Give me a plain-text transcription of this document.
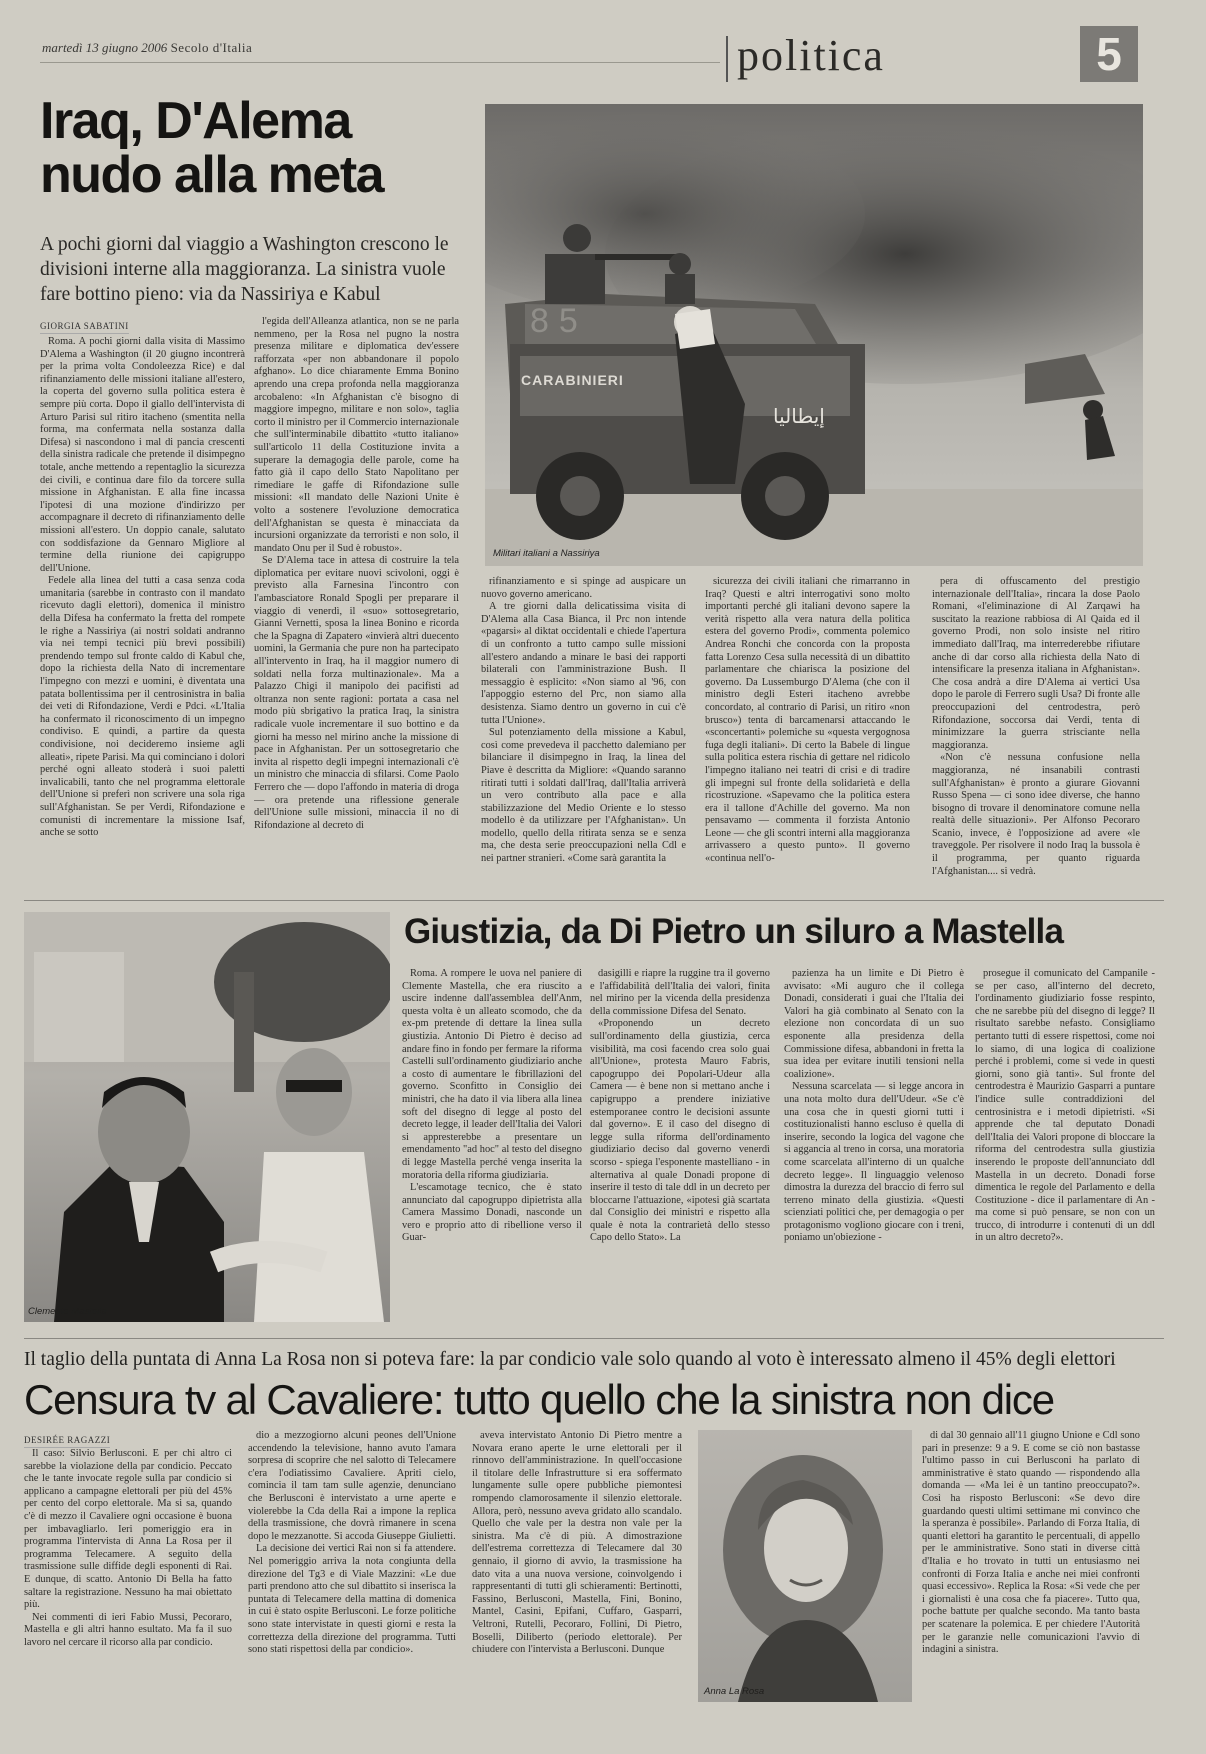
martedì 13 giugno 2006 Secolo d'Italia	politica	5
Iraq, D'Alema
nudo alla meta
A pochi giorni dal viaggio a Washington crescono le divisioni interne alla maggioranza. La sinistra vuole fare bottino pieno: via da Nassiriya e Kabul
85
CARABINIERI
إيطاليا
Militari italiani a Nassiriya
GIORGIA SABATINI

Roma. A pochi giorni dalla visita di Massimo D'Alema a Washington (il 20 giugno incontrerà per la prima volta Condoleezza Rice) e dal rifinanziamento delle missioni italiane all'estero, la coperta del governo sulla politica estera è sempre più corta. Dopo il giallo dell'intervista di Arturo Parisi sul ritiro itacheno (smentita nella forma, ma confermata nella sostanza dalla Difesa) si nascondono i mal di pancia crescenti della sinistra radicale che pretende il disimpegno totale, anche mettendo a repentaglio la sicurezza dei civili, e continua dare filo da torcere sulla missione in Afghanistan. E alla fine incassa l'ipotesi di una mozione d'indirizzo per accompagnare il decreto di rifinanziamento delle missioni all'estero. Un doppio canale, salutato con soddisfazione da Gennaro Migliore al termine della riunione dei capigruppo dell'Unione.

Fedele alla linea del tutti a casa senza coda umanitaria (sarebbe in contrasto con il mandato ricevuto dagli elettori), domenica il ministro della Difesa ha confermato la fretta del rompete le righe a Nassiriya (ai nostri soldati andranno via nei tempi tecnici più brevi possibili) prendendo tempo sul fronte caldo di Kabul che, dopo la richiesta della Nato di incrementare l'impegno con mezzi e uomini, è diventata una patata bollentissima per il centrosinistra in balìa dei veti di Rifondazione, Verdi e Pdci. «L'Italia ha confermato il riconoscimento di un impegno condiviso. E quindi, a partire da questa condivisione, noi decideremo insieme agli alleati», ripete Parisi. Ma qui cominciano i dolori perché ogni alleato stoderà i suoi paletti invalicabili, tanto che nel programma elettorale dell'Unione si preferì non scrivere una sola riga sull'Afghanistan. Se per Verdi, Rifondazione e comunisti di incrementare la missione Isaf, anche se sotto

l'egida dell'Alleanza atlantica, non se ne parla nemmeno, per la Rosa nel pugno la nostra presenza militare e diplomatica dev'essere rafforzata «per non abbandonare il popolo afghano». Lo dice chiaramente Emma Bonino aprendo una crepa profonda nella maggioranza arcobaleno: «In Afghanistan c'è bisogno di maggiore impegno, militare e non solo», taglia corto il ministro per il Commercio internazionale che sull'interminabile dibattito «tutto italiano» sull'articolo 11 della Costituzione invita a superare la demagogia delle parole, come ha fatto già il capo dello Stato Napolitano per rimediare le gaffe di Rifondazione sulle missioni: «Il mandato delle Nazioni Unite è volto a sostenere l'evoluzione democratica dell'Afghanistan se questa è minacciata da incursioni organizzate da terroristi e non solo, il mandato Onu per il Sud è robusto».

Se D'Alema tace in attesa di costruire la tela diplomatica per evitare nuovi scivoloni, oggi è previsto alla Farnesina l'incontro con l'ambasciatore Ronald Spogli per preparare il viaggio di venerdì, il «suo» sottosegretario, Gianni Vernetti, sposa la linea Bonino e ricorda che la Spagna di Zapatero «invierà altri duecento uomini, la Germania che pure non ha partecipato all'intervento in Iraq, ha il maggior numero di soldati nella forza multinazionale». Ma a Palazzo Chigi il manipolo dei pacifisti ad oltranza non sente ragioni: portata a casa nel modo più sbrigativo la pratica Iraq, la sinistra radicale vuole incrementare il suo bottino e da giorni ha messo nel mirino anche la missione di pace in Afghanistan. Per un sottosegretario che invita al rispetto degli impegni internazionali c'è un ministro che minaccia di sfilarsi. Come Paolo Ferrero che — dopo l'affondo in materia di droga — ora pretende una riflessione generale dell'Unione sulle missioni, minaccia il no di Rifondazione al decreto di

rifinanziamento e si spinge ad auspicare un nuovo governo americano.

A tre giorni dalla delicatissima visita di D'Alema alla Casa Bianca, il Prc non intende «pagarsi» al diktat occidentali e chiede l'apertura di un confronto a tutto campo sulle missioni all'estero andando a minare le basi dei rapporti bilaterali con l'amministrazione Bush. Il messaggio è esplicito: «Non siamo al '96, con l'appoggio esterno del Prc, non siamo alla desistenza. Siamo dentro un governo in cui c'è tutta l'Unione».

Sul potenziamento della missione a Kabul, così come prevedeva il pacchetto dalemiano per bilanciare il disimpegno in Iraq, la linea del Piave è descritta da Migliore: «Quando saranno ritirati tutti i soldati dall'Iraq, dall'Italia arriverà un vero contributo alla pace e alla stabilizzazione del Medio Oriente e lo stesso modello è da utilizzare per l'Afghanistan». Un modello, quello della ritirata senza se e senza ma, che desta serie preoccupazioni nella Cdl e nei partner stranieri. «Come sarà garantita la

sicurezza dei civili italiani che rimarranno in Iraq? Questi e altri interrogativi sono molto importanti perché gli italiani devono sapere la verità rispetto alla vera natura della politica estera del governo Prodi», commenta polemico Andrea Ronchi che concorda con la proposta fatta Lorenzo Cesa sulla necessità di un dibattito parlamentare che chiarisca la posizione del governo. Da Lussemburgo D'Alema (che con il ministro degli Esteri itacheno avrebbe concordato, al contrario di Parisi, un ritiro «non brusco») tenta di barcamenarsi attaccando le «sconcertanti» polemiche su «questa vergognosa fuga degli italiani». Di certo la Babele di lingue sulla politica estera rischia di gettare nel ridicolo l'impegno italiano nei teatri di crisi e di tradire gli impegni sul fronte della solidarietà e della ricostruzione. «Sapevamo che la politica estera era il tallone d'Achille del governo. Ma non pensavamo — commenta il forzista Antonio Leone — che gli scontri interni alla maggioranza arrivassero a questo punto». Il governo «continua nell'o-

pera di offuscamento del prestigio internazionale dell'Italia», rincara la dose Paolo Romani, «l'eliminazione di Al Zarqawi ha suscitato la reazione rabbiosa di Al Qaida ed il governo Prodi, non solo insiste nel ritiro immediato dall'Iraq, ma interrederebbe rifiutare anche di dar corso alla richiesta della Nato di intensificare la presenza italiana in Afghanistan». Che cosa andrà a dire D'Alema ai vertici Usa dopo le parole di Ferrero sugli Usa? Di fronte alle preoccupazioni del centrodestra, però Rifondazione, soccorsa dai Verdi, tenta di minimizzare la guerra strisciante nella maggioranza.

«Non c'è nessuna confusione nella maggioranza, né insanabili contrasti sull'Afghanistan» è pronto a giurare Giovanni Russo Spena — ci sono idee diverse, che hanno bisogno di trovare il denominatore comune nella realtà delle situazioni». Per Alfonso Pecoraro Scanio, invece, è l'opposizione ad avere «le traveggole. Per risolvere il nodo Iraq la bussola è il programma, per quanto riguarda l'Afghanistan.... si vedrà.

Clemente Mastella
Giustizia, da Di Pietro un siluro a Mastella

Roma. A rompere le uova nel paniere di Clemente Mastella, che era riuscito a uscire indenne dall'assemblea dell'Anm, questa volta è un alleato scomodo, che da ex-pm pretende di dettare la linea sulla giustizia. Antonio Di Pietro è deciso ad andare fino in fondo per fermare la riforma Castelli sull'ordinamento giudiziario anche a costo di aumentare le fibrillazioni del governo. Sconfitto in Consiglio dei ministri, che ha dato il via libera alla linea soft del disegno di legge al posto del decreto legge, il leader dell'Italia dei Valori si appresterebbe a presentare un emendamento "ad hoc" al testo del disegno di legge Mastella perché venga inserita la moratoria della riforma giudiziaria.

L'escamotage tecnico, che è stato annunciato dal capogruppo dipietrista alla Camera Massimo Donadi, nasconde un vero e proprio atto di ribellione verso il Guar-

dasigilli e riapre la ruggine tra il governo e l'affidabilità dell'Italia dei valori, finita nel mirino per la vicenda della presidenza della commissione Difesa del Senato.

«Proponendo un decreto sull'ordinamento della giustizia, cerca visibilità, ma così facendo crea solo guai all'Unione», protesta Mauro Fabris, capogruppo dei Popolari-Udeur alla Camera — è bene non si mettano anche i capigruppo a prendere iniziative estemporanee contro le decisioni assunte dal governo». E il caso del disegno di legge sulla riforma dell'ordinamento giudiziario deciso dal governo venerdì scorso - spiega l'esponente mastelliano - in alternativa al quale Donadi propone di inserire il testo di tale ddl in un decreto per bloccarne l'attuazione, «ipotesi già scartata dal Consiglio dei ministri e rispetto alla quale è nota la contrarietà dello stesso Capo dello Stato». La

pazienza ha un limite e Di Pietro è avvisato: «Mi auguro che il collega Donadi, considerati i guai che l'Italia dei Valori ha già combinato al Senato con la elezione non concordata di un suo esponente alla presidenza della Commissione difesa, abbandoni in fretta la sua idea per evitare inutili tensioni nella coalizione».

Nessuna scarcelata — si legge ancora in una nota molto dura dell'Udeur. «Se c'è una cosa che in questi giorni tutti i costituzionalisti hanno escluso è quella di inserire, secondo la logica del vagone che si aggancia al treno in corsa, una moratoria come scarcelata all'interno di un qualche decreto legge». Il linguaggio velenoso dimostra la durezza del braccio di ferro sul terreno minato della giustizia. «Questi scienziati politici che, per demagogia o per protagonismo vogliono giocare con i treni, poniamo un'obiezione -

prosegue il comunicato del Campanile - se per caso, all'interno del decreto, l'ordinamento giudiziario fosse respinto, che ne sarebbe più del disegno di legge? Il risultato sarebbe nefasto. Consigliamo pertanto tutti di essere rispettosi, come noi lo siamo, di una logica di coalizione perché i problemi, come si vede in questi giorni, sono già tanti». Sul fronte del centrodestra è Maurizio Gasparri a puntare l'indice sulle contraddizioni del centrosinistra e i metodi dipietristi. «Si apprende che tal deputato Donadi dell'Italia dei Valori propone di bloccare la riforma del centrodestra sulla giustizia inserendo le proposte dell'annunciato ddl Mastella in un decreto. Donadi forse dimentica le regole del Parlamento e della Costituzione - dice il parlamentare di An - ma come si può pensare, se non con un trucco, di introdurre i contenuti di un ddl in un altro decreto?».

Il taglio della puntata di Anna La Rosa non si poteva fare: la par condicio vale solo quando al voto è interessato almeno il 45% degli elettori
Censura tv al Cavaliere: tutto quello che la sinistra non dice
DESIRÉE RAGAZZI

Il caso: Silvio Berlusconi. E per chi altro ci sarebbe la violazione della par condicio. Peccato che le tante invocate regole sulla par condicio si applicano a campagne elettorali per più del 45% per cento del corpo elettorale. Ma si sa, quando c'è di mezzo il Cavaliere ogni occasione è buona per imbavagliarlo. Ieri pomeriggio era in programma l'intervista di Anna La Rosa per il programma Telecamere. A seguito della trasmissione sulle diffide degli esponenti di Rai. E dunque, di scatto. Antonio Di Bella ha fatto saltare la registrazione. Nessuno ha mai obiettato più.

Nei commenti di ieri Fabio Mussi, Pecoraro, Mastella e gli altri hanno esultato. Ma fa il suo lavoro nel cercare il ricorso alla par condicio.

dio a mezzogiorno alcuni peones dell'Unione accendendo la televisione, hanno avuto l'amara sorpresa di scoprire che nel salotto di Telecamere c'era l'odiatissimo Cavaliere. Apriti cielo, comincia il tam tam sulle agenzie, denunciano che Berlusconi è intervistato a urne aperte e violerebbe la Cda della Rai a impone la replica della trasmissione, che dovrà rimanere in scena dopo le mezzanotte. Si accoda Giuseppe Giulietti.

La decisione dei vertici Rai non si fa attendere. Nel pomeriggio arriva la nota congiunta della direzione del Tg3 e di Viale Mazzini: «Le due parti prendono atto che sul dibattito si inserisca la puntata di Telecamere della mattina di domenica in cui è stato ospite Berlusconi. Le forze politiche sono state intervistate in questi giorni e resta la correttezza della direzione del programma. Tutti sono stati rispettosi della par condicio».

aveva intervistato Antonio Di Pietro mentre a Novara erano aperte le urne elettorali per il rinnovo dell'amministrazione. In quell'occasione il titolare delle Infrastrutture si era soffermato lungamente sulle opere pubbliche piemontesi rompendo clamorosamente il silenzio elettorale. Allora, però, nessuno aveva gridato allo scandalo. Quello che vale per la destra non vale per la sinistra. Ma c'è di più. A dimostrazione dell'estrema correttezza di Telecamere dal 30 gennaio, il giorno di avvio, la trasmissione ha dato vita a una nuova versione, coinvolgendo i rappresentanti di tutti gli schieramenti: Bertinotti, Fassino, Berlusconi, Mastella, Fini, Bonino, Mantel, Casini, Epifani, Cuffaro, Gasparri, Veltroni, Rutelli, Pecoraro, Follini, Di Pietro, Boselli, Diliberto (periodo elettorale). Per chiudere con l'intervista a Berlusconi. Dunque

Anna La Rosa

di dal 30 gennaio all'11 giugno Unione e Cdl sono pari in presenze: 9 a 9. E come se ciò non bastasse l'ultimo passo in cui Berlusconi ha parlato di amministrative è stato quando — rispondendo alla domanda — «Ma lei è un tantino preoccupato?». Così ha risposto Berlusconi: «Se devo dire guardando questi ultimi settimane mi convinco che la speranza è possibile». Parlando di Forza Italia, di quanti elettori ha garantito le percentuali, di appello per le amministrative. Sono stati in diverse città d'Italia e ho trovato in tutti un entusiasmo nei confronti di Forza Italia e anche nei miei confronti quasi eccessivo». Replica la Rosa: «Si vede che per i giornalisti è una cosa che fa piacere». Tutto qua, poche battute per qualche secondo. Ma tanto basta per scatenare la polemica. E per chiedere l'Autorità per le garanzie nelle comunicazioni l'avvio di indagini a sinistra.
